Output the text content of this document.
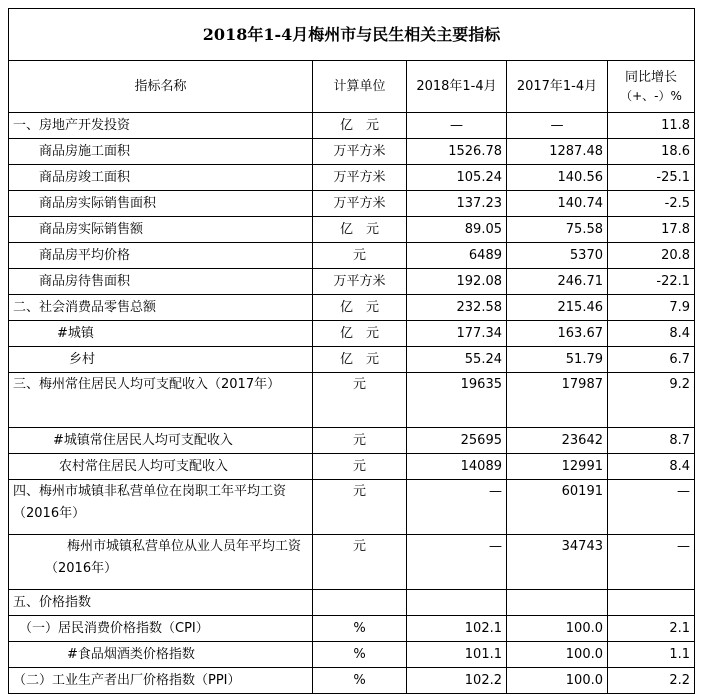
2018年1-4月梅州市与民生相关主要指标				
指标名称	计算单位	2018年1-4月	2017年1-4月	同比增长
（+、-）%

一、房地产开发投资	亿　元	—	—	11.8
商品房施工面积	万平方米	1526.78	1287.48	18.6
商品房竣工面积	万平方米	105.24	140.56	-25.1
商品房实际销售面积	万平方米	137.23	140.74	-2.5
商品房实际销售额	亿　元	89.05	75.58	17.8
商品房平均价格	元	6489	5370	20.8
商品房待售面积	万平方米	192.08	246.71	-22.1
二、社会消费品零售总额	亿　元	232.58	215.46	7.9
#城镇	亿　元	177.34	163.67	8.4
乡村	亿　元	55.24	51.79	6.7
三、梅州常住居民人均可支配收入（2017年）	元	19635	17987	9.2
#城镇常住居民人均可支配收入	元	25695	23642	8.7
农村常住居民人均可支配收入	元	14089	12991	8.4
四、梅州市城镇非私营单位在岗职工年平均工资（2016年）	元	—	60191	—
梅州市城镇私营单位从业人员年平均工资（2016年）	元	—	34743	—
五、价格指数				
（一）居民消费价格指数（CPI）	%	102.1	100.0	2.1
#食品烟酒类价格指数	%	101.1	100.0	1.1
（二）工业生产者出厂价格指数（PPI）	%	102.2	100.0	2.2
